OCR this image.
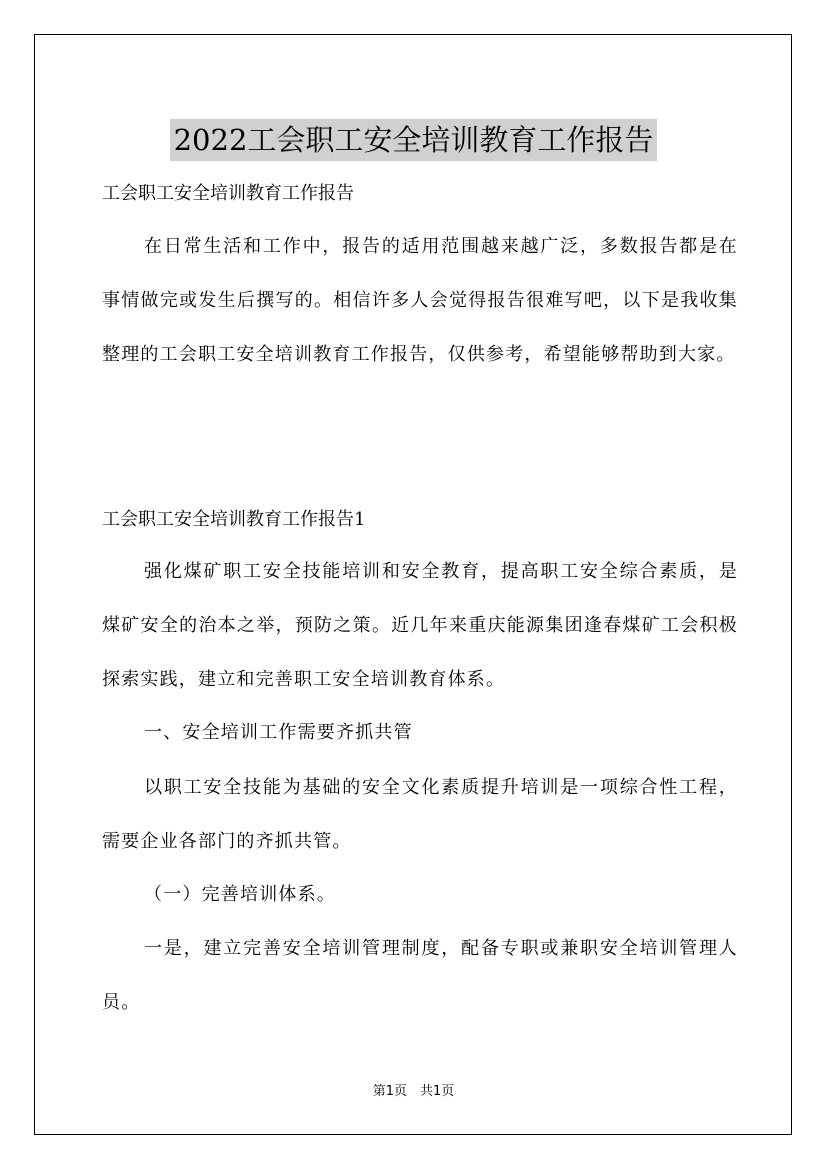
2022工会职工安全培训教育工作报告
工会职工安全培训教育工作报告

在日常生活和工作中，报告的适用范围越来越广泛，多数报告都是在事情做完或发生后撰写的。相信许多人会觉得报告很难写吧，以下是我收集整理的工会职工安全培训教育工作报告，仅供参考，希望能够帮助到大家。

工会职工安全培训教育工作报告1

强化煤矿职工安全技能培训和安全教育，提高职工安全综合素质，是煤矿安全的治本之举，预防之策。近几年来重庆能源集团逢春煤矿工会积极探索实践，建立和完善职工安全培训教育体系。

一、安全培训工作需要齐抓共管

以职工安全技能为基础的安全文化素质提升培训是一项综合性工程，需要企业各部门的齐抓共管。

（一）完善培训体系。

一是，建立完善安全培训管理制度，配备专职或兼职安全培训管理人员。

第1页　共1页
